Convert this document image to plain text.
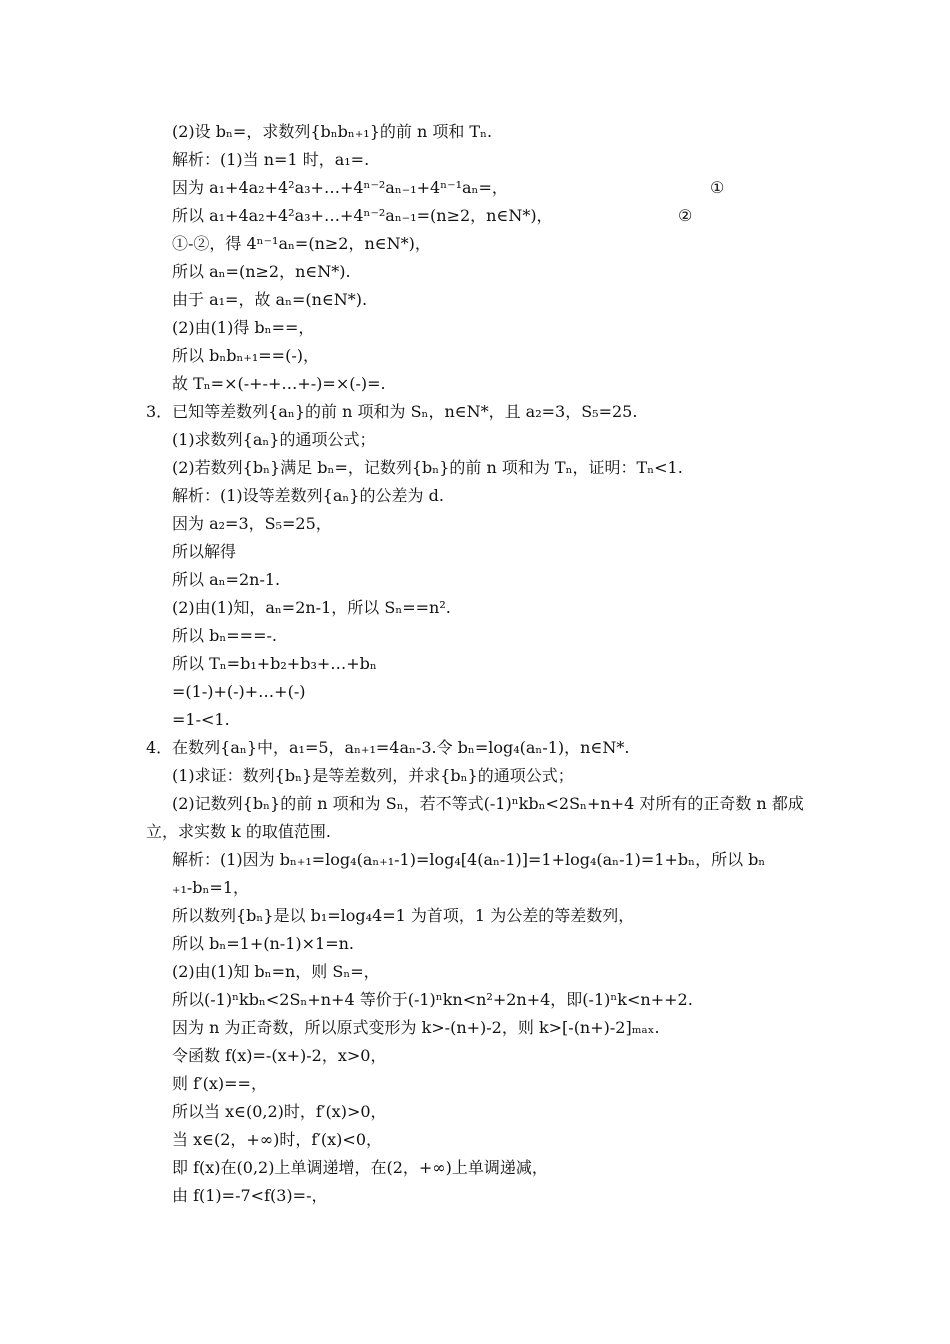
(2)设 bₙ=，求数列{bₙbₙ₊₁}的前 n 项和 Tₙ.
解析：(1)当 n=1 时，a₁=.
因为 a₁+4a₂+4²a₃+…+4ⁿ⁻²aₙ₋₁+4ⁿ⁻¹aₙ=，	①
所以 a₁+4a₂+4²a₃+…+4ⁿ⁻²aₙ₋₁=(n≥2，n∈N*)，	②
①-②，得 4ⁿ⁻¹aₙ=(n≥2，n∈N*)，
所以 aₙ=(n≥2，n∈N*).
由于 a₁=，故 aₙ=(n∈N*).
(2)由(1)得 bₙ==，
所以 bₙbₙ₊₁==(-)，
故 Tₙ=×(-+-+…+-)=×(-)=.
3．已知等差数列{aₙ}的前 n 项和为 Sₙ，n∈N*，且 a₂=3，S₅=25.
(1)求数列{aₙ}的通项公式；
(2)若数列{bₙ}满足 bₙ=，记数列{bₙ}的前 n 项和为 Tₙ，证明：Tₙ<1.
解析：(1)设等差数列{aₙ}的公差为 d.
因为 a₂=3，S₅=25，
所以解得
所以 aₙ=2n-1.
(2)由(1)知，aₙ=2n-1，所以 Sₙ==n².
所以 bₙ===-.
所以 Tₙ=b₁+b₂+b₃+…+bₙ
=(1-)+(-)+…+(-)
=1-<1.
4．在数列{aₙ}中，a₁=5，aₙ₊₁=4aₙ-3.令 bₙ=log₄(aₙ-1)，n∈N*.
(1)求证：数列{bₙ}是等差数列，并求{bₙ}的通项公式；
(2)记数列{bₙ}的前 n 项和为 Sₙ，若不等式(-1)ⁿkbₙ<2Sₙ+n+4 对所有的正奇数 n 都成
立，求实数 k 的取值范围.
解析：(1)因为 bₙ₊₁=log₄(aₙ₊₁-1)=log₄[4(aₙ-1)]=1+log₄(aₙ-1)=1+bₙ，所以 bₙ
₊₁-bₙ=1，
所以数列{bₙ}是以 b₁=log₄4=1 为首项，1 为公差的等差数列，
所以 bₙ=1+(n-1)×1=n.
(2)由(1)知 bₙ=n，则 Sₙ=，
所以(-1)ⁿkbₙ<2Sₙ+n+4 等价于(-1)ⁿkn<n²+2n+4，即(-1)ⁿk<n++2.
因为 n 为正奇数，所以原式变形为 k>-(n+)-2，则 k>[-(n+)-2]ₘₐₓ.
令函数 f(x)=-(x+)-2，x>0，
则 f′(x)==，
所以当 x∈(0,2)时，f′(x)>0，
当 x∈(2，+∞)时，f′(x)<0，
即 f(x)在(0,2)上单调递增，在(2，+∞)上单调递减，
由 f(1)=-7<f(3)=-，
